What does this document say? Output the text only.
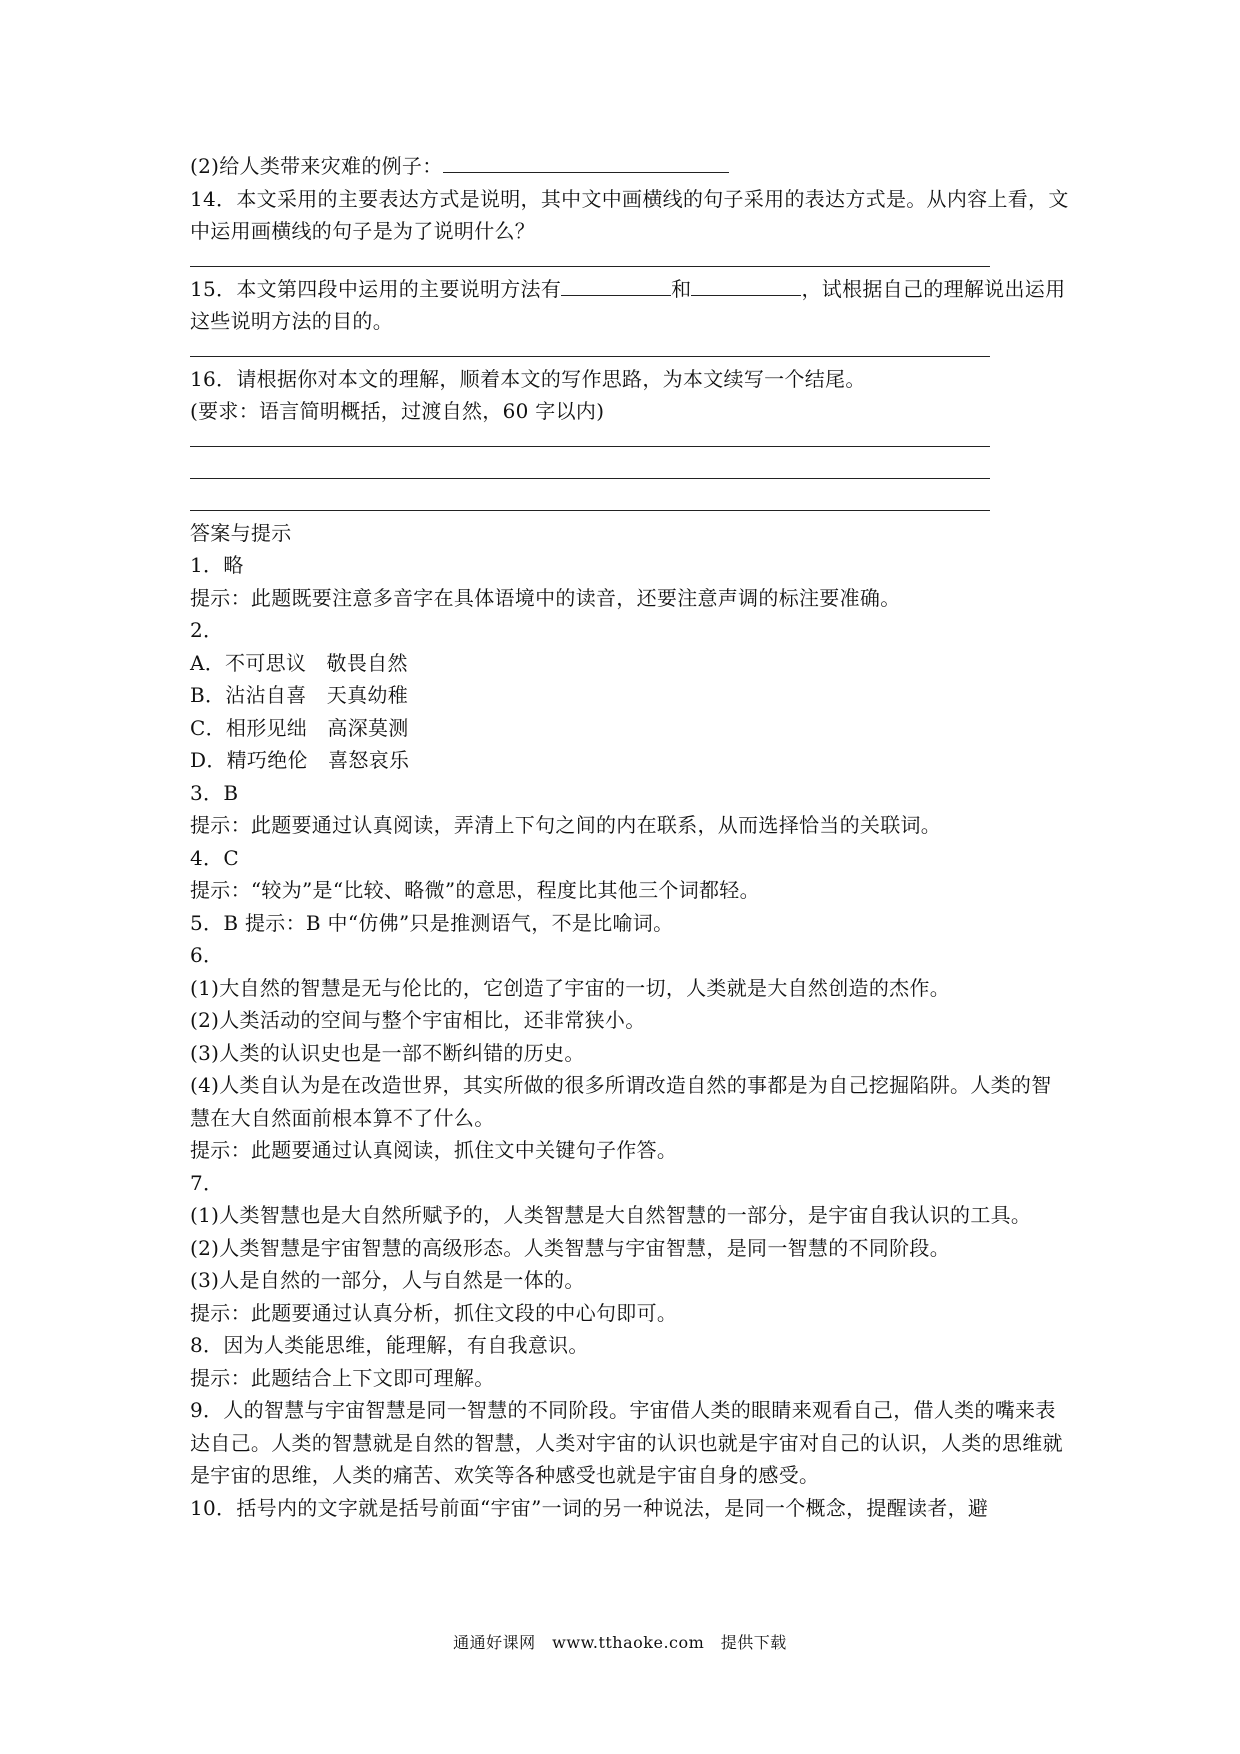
(2)给人类带来灾难的例子：
14．本文采用的主要表达方式是说明，其中文中画横线的句子采用的表达方式是。从内容上看，文中运用画横线的句子是为了说明什么？
15．本文第四段中运用的主要说明方法有	和	，试根据自己的理解说出运用这些说明方法的目的。
16．请根据你对本文的理解，顺着本文的写作思路，为本文续写一个结尾。
(要求：语言简明概括，过渡自然，60 字以内)
答案与提示
1．略
提示：此题既要注意多音字在具体语境中的读音，还要注意声调的标注要准确。
2．
A．不可思议　敬畏自然
B．沾沾自喜　天真幼稚
C．相形见绌　高深莫测
D．精巧绝伦　喜怒哀乐
3．B
提示：此题要通过认真阅读，弄清上下句之间的内在联系，从而选择恰当的关联词。
4．C
提示：“较为”是“比较、略微”的意思，程度比其他三个词都轻。
5．B 提示：B 中“仿佛”只是推测语气，不是比喻词。
6．
(1)大自然的智慧是无与伦比的，它创造了宇宙的一切，人类就是大自然创造的杰作。
(2)人类活动的空间与整个宇宙相比，还非常狭小。
(3)人类的认识史也是一部不断纠错的历史。
(4)人类自认为是在改造世界，其实所做的很多所谓改造自然的事都是为自己挖掘陷阱。人类的智慧在大自然面前根本算不了什么。
提示：此题要通过认真阅读，抓住文中关键句子作答。
7．
(1)人类智慧也是大自然所赋予的，人类智慧是大自然智慧的一部分，是宇宙自我认识的工具。
(2)人类智慧是宇宙智慧的高级形态。人类智慧与宇宙智慧，是同一智慧的不同阶段。
(3)人是自然的一部分，人与自然是一体的。
提示：此题要通过认真分析，抓住文段的中心句即可。
8．因为人类能思维，能理解，有自我意识。
提示：此题结合上下文即可理解。
9．人的智慧与宇宙智慧是同一智慧的不同阶段。宇宙借人类的眼睛来观看自己，借人类的嘴来表达自己。人类的智慧就是自然的智慧，人类对宇宙的认识也就是宇宙对自己的认识，人类的思维就是宇宙的思维，人类的痛苦、欢笑等各种感受也就是宇宙自身的感受。
10．括号内的文字就是括号前面“宇宙”一词的另一种说法，是同一个概念，提醒读者，避
通通好课网　www.tthaoke.com　提供下载
